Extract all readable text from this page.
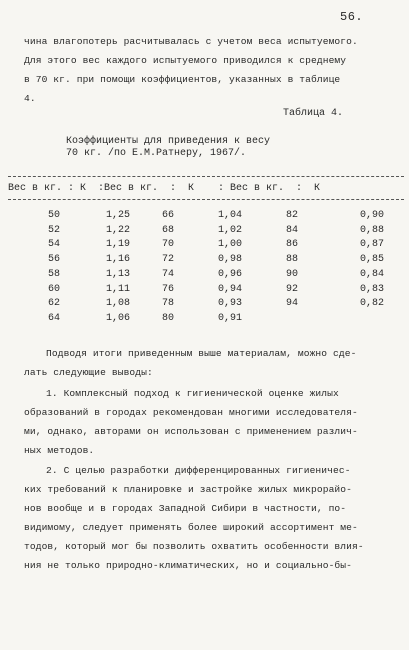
56.
чина влагопотерь расчитывалась с учетом веса испытуемого.
Для этого вес каждого испытуемого приводился к среднему
в 70 кг. при помощи коэффициентов, указанных в таблице
4.
Таблица 4.
Коэффициенты для приведения к весу
70 кг. /по Е.М.Ратнеру, 1967/.
Вес в кг. : К  :Вес в кг.  :  К    : Вес в кг.  :  К
50	1,25	66	1,04	82	0,90
52	1,22	68	1,02	84	0,88
54	1,19	70	1,00	86	0,87
56	1,16	72	0,98	88	0,85
58	1,13	74	0,96	90	0,84
60	1,11	76	0,94	92	0,83
62	1,08	78	0,93	94	0,82
64	1,06	80	0,91
Подводя итоги приведенным выше материалам, можно сде-
лать следующие выводы:
1. Комплексный подход к гигиенической оценке жилых
образований в городах рекомендован многими исследователя-
ми, однако, авторами он использован с применением различ-
ных методов.
2. С целью разработки дифференцированных гигиеничес-
ких требований к планировке и застройке жилых микрорайо-
нов вообще и в городах Западной Сибири в частности, по-
видимому, следует применять более широкий ассортимент ме-
тодов, который мог бы позволить охватить особенности влия-
ния не только природно-климатических, но и социально-бы-
